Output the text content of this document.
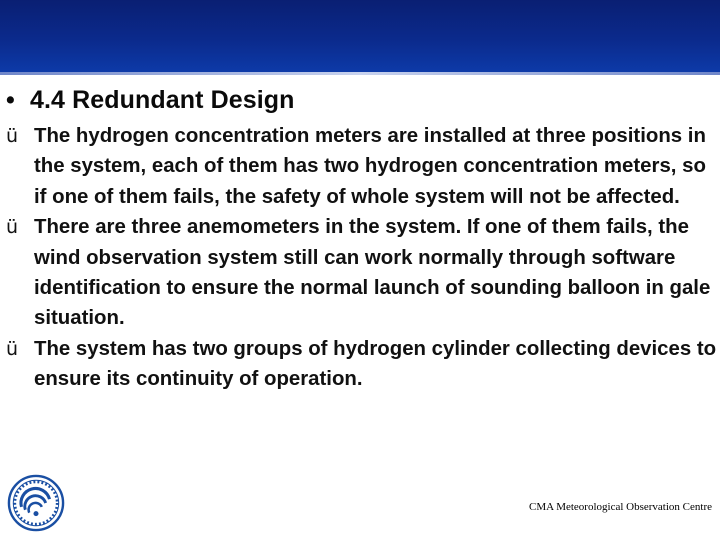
• 4.4 Redundant Design
ü The hydrogen concentration meters are installed at three positions in the system, each of them has two hydrogen concentration meters, so if one of them fails, the safety of whole system will not be affected.
ü There are three anemometers in the system. If one of them fails, the wind observation system still can work normally through software identification to ensure the normal launch of sounding balloon in gale situation.
ü The system has two groups of hydrogen cylinder collecting devices to ensure its continuity of operation.
CMA Meteorological Observation Centre
